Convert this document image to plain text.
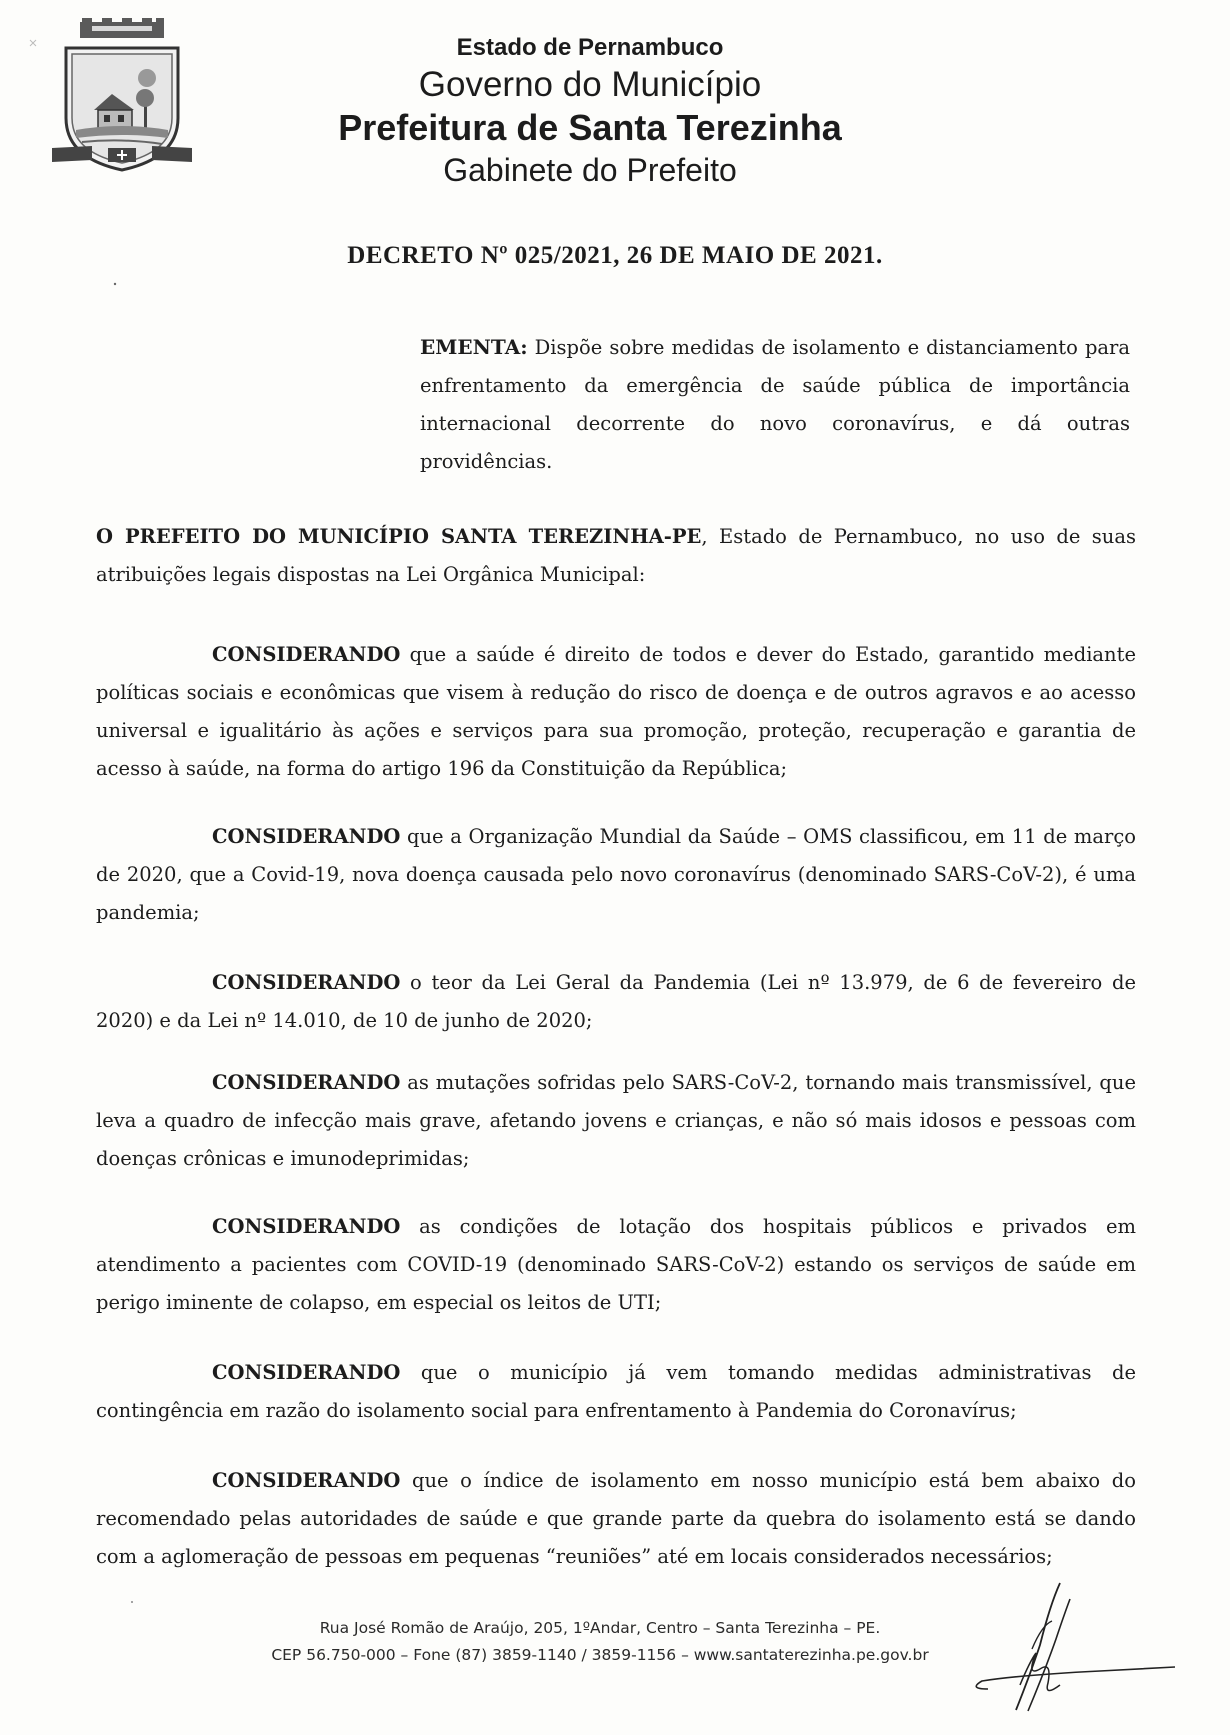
Estado de Pernambuco
Governo do Município
Prefeitura de Santa Terezinha
Gabinete do Prefeito
DECRETO Nº 025/2021, 26 DE MAIO DE 2021.
EMENTA: Dispõe sobre medidas de isolamento e distanciamento para enfrentamento da emergência de saúde pública de importância internacional decorrente do novo coronavírus, e dá outras providências.
O PREFEITO DO MUNICÍPIO SANTA TEREZINHA-PE, Estado de Pernambuco, no uso de suas atribuições legais dispostas na Lei Orgânica Municipal:
CONSIDERANDO que a saúde é direito de todos e dever do Estado, garantido mediante políticas sociais e econômicas que visem à redução do risco de doença e de outros agravos e ao acesso universal e igualitário às ações e serviços para sua promoção, proteção, recuperação e garantia de acesso à saúde, na forma do artigo 196 da Constituição da República;
CONSIDERANDO que a Organização Mundial da Saúde – OMS classificou, em 11 de março de 2020, que a Covid-19, nova doença causada pelo novo coronavírus (denominado SARS-CoV-2), é uma pandemia;
CONSIDERANDO o teor da Lei Geral da Pandemia (Lei nº 13.979, de 6 de fevereiro de 2020) e da Lei nº 14.010, de 10 de junho de 2020;
CONSIDERANDO as mutações sofridas pelo SARS-CoV-2, tornando mais transmissível, que leva a quadro de infecção mais grave, afetando jovens e crianças, e não só mais idosos e pessoas com doenças crônicas e imunodeprimidas;
CONSIDERANDO as condições de lotação dos hospitais públicos e privados em atendimento a pacientes com COVID-19 (denominado SARS-CoV-2) estando os serviços de saúde em perigo iminente de colapso, em especial os leitos de UTI;
CONSIDERANDO que o município já vem tomando medidas administrativas de contingência em razão do isolamento social para enfrentamento à Pandemia do Coronavírus;
CONSIDERANDO que o índice de isolamento em nosso município está bem abaixo do recomendado pelas autoridades de saúde e que grande parte da quebra do isolamento está se dando com a aglomeração de pessoas em pequenas “reuniões” até em locais considerados necessários;
Rua José Romão de Araújo, 205, 1ºAndar, Centro – Santa Terezinha – PE.
CEP 56.750-000 – Fone (87) 3859-1140 / 3859-1156 – www.santaterezinha.pe.gov.br
